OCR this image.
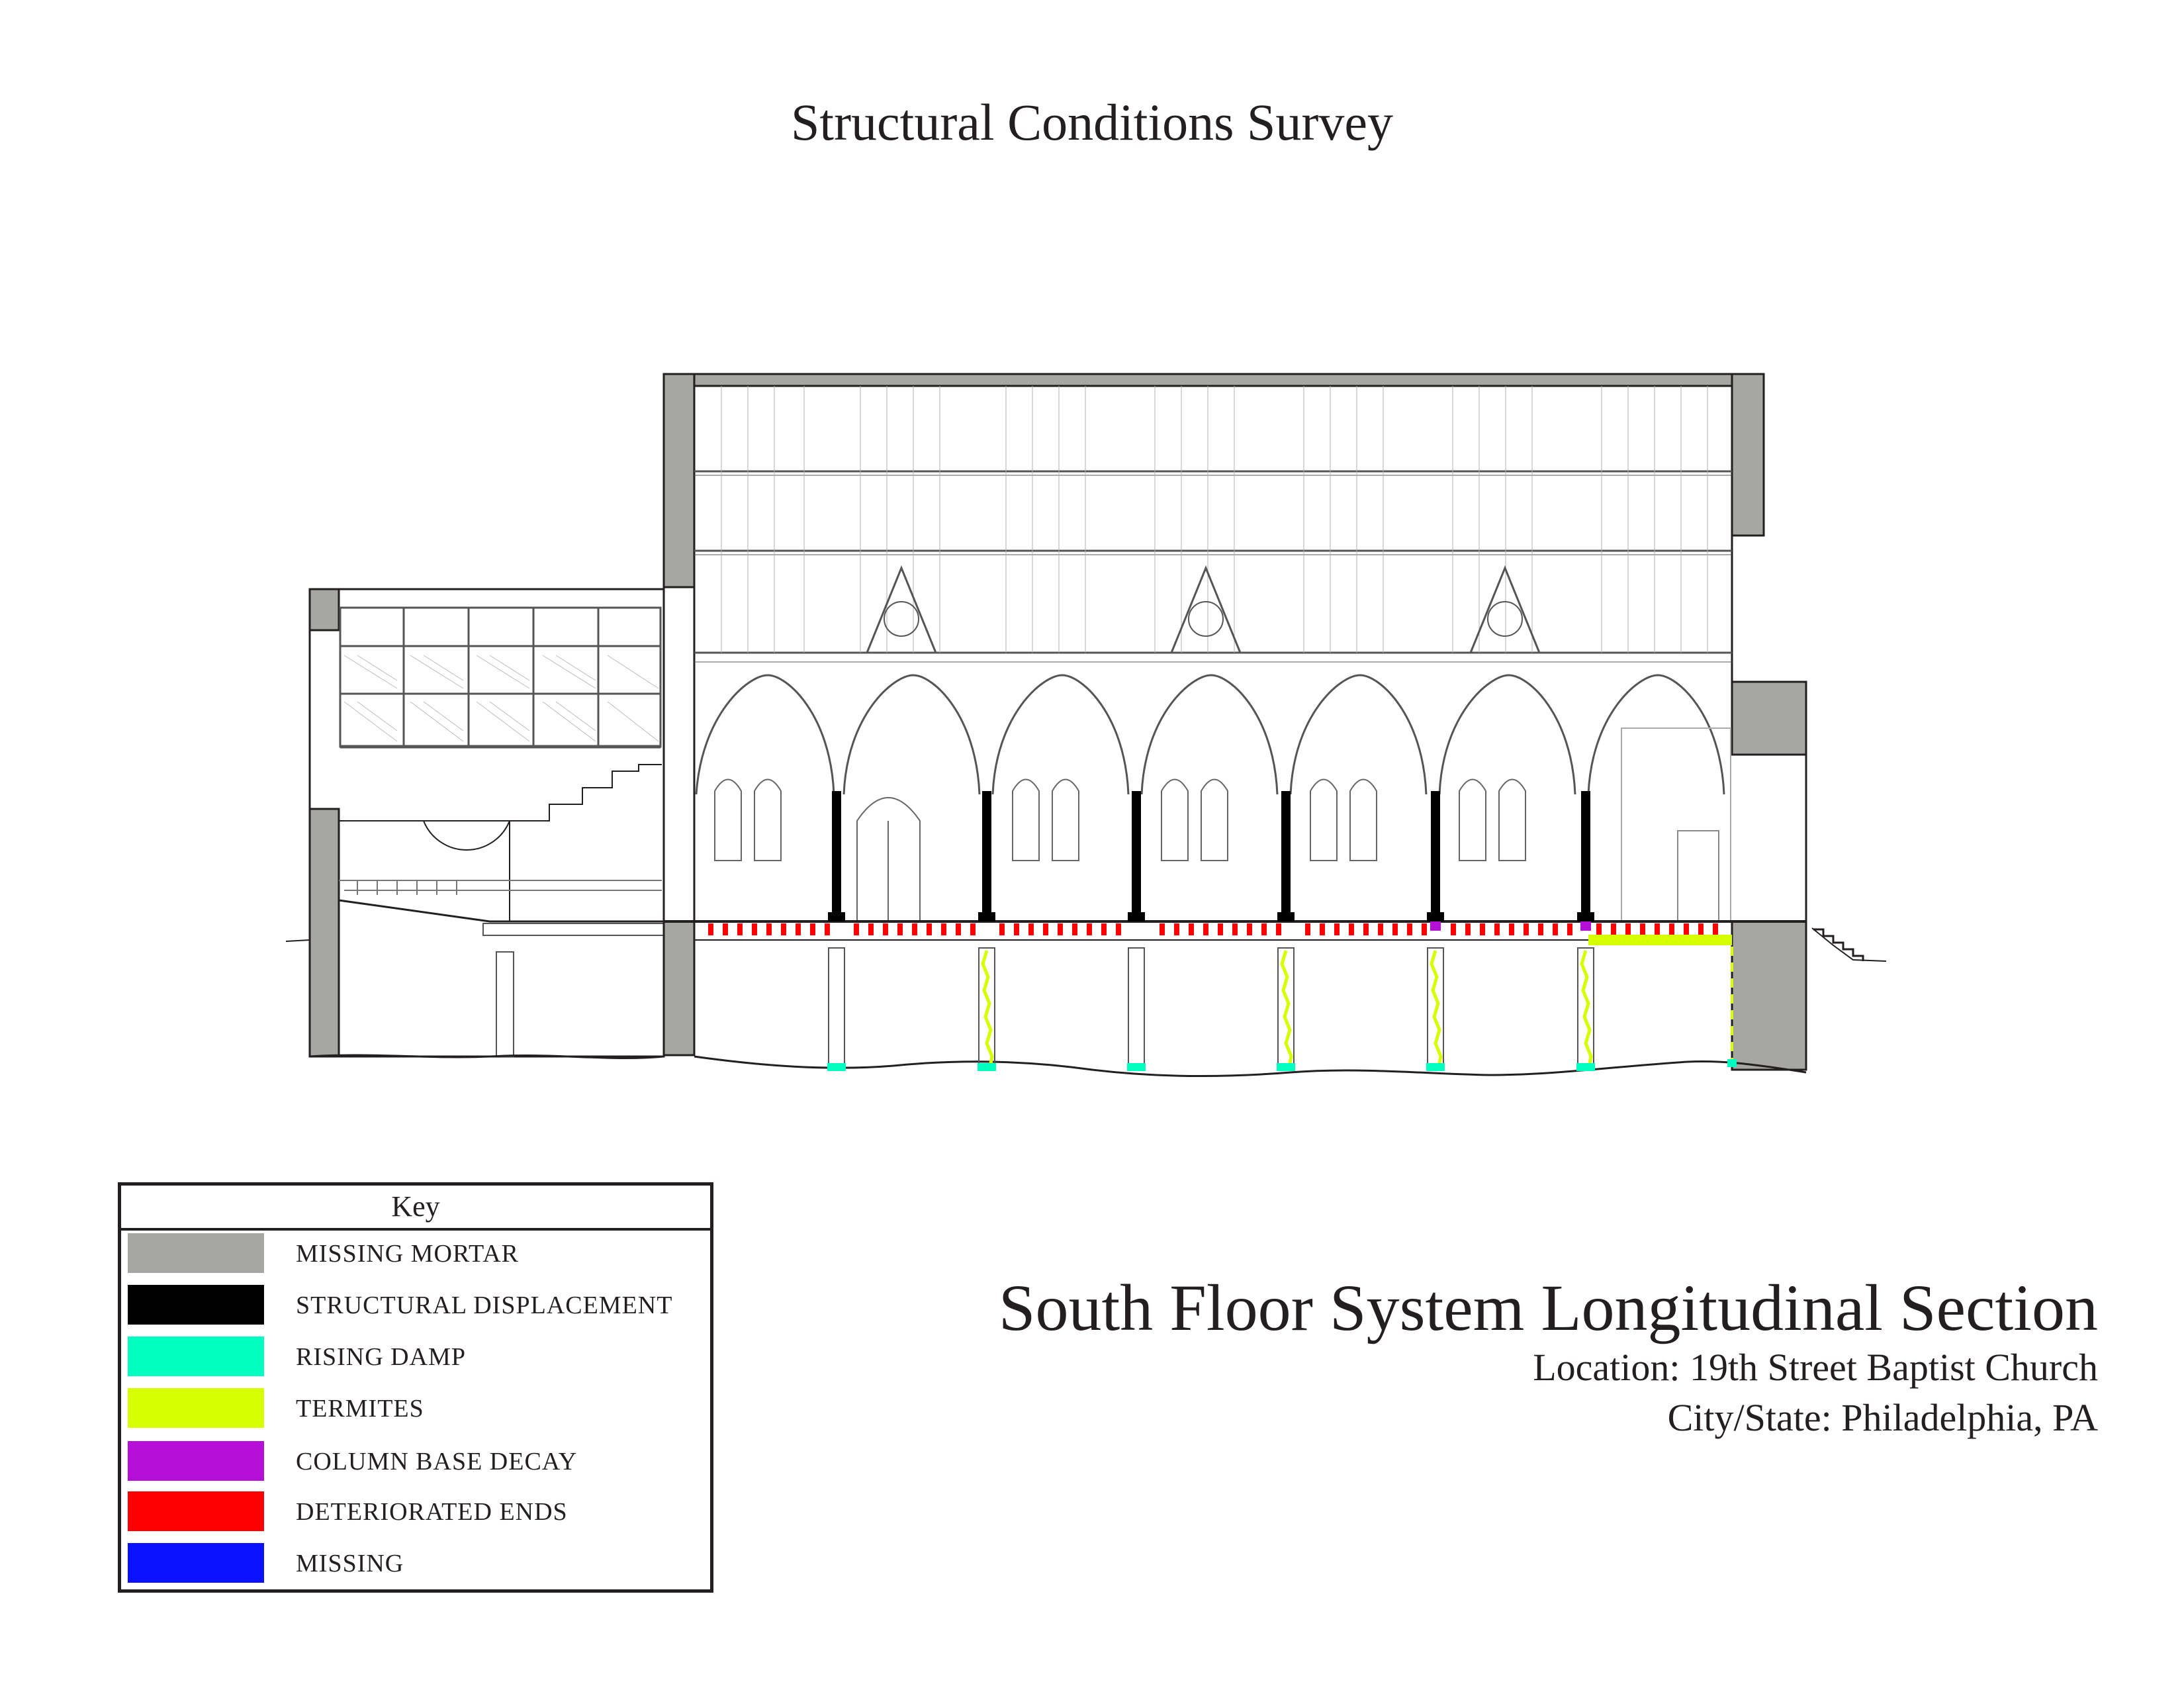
Structural Conditions Survey
Key
MISSING MORTAR
STRUCTURAL DISPLACEMENT
RISING DAMP
TERMITES
COLUMN BASE DECAY
DETERIORATED ENDS
MISSING
South Floor System Longitudinal Section
Location: 19th Street Baptist Church
City/State: Philadelphia, PA
